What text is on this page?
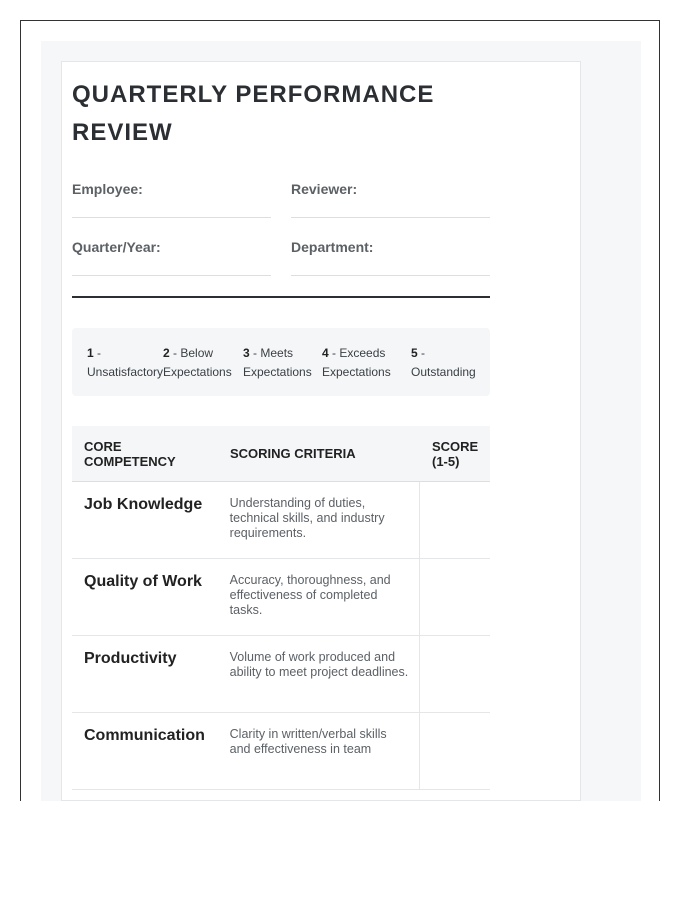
QUARTERLY PERFORMANCE
REVIEW
Employee:	Reviewer:
Quarter/Year:	Department:
1 -
Unsatisfactory
2 - Below
Expectations
3 - Meets
Expectations
4 - Exceeds
Expectations
5 -
Outstanding
CORE
COMPETENCY	SCORING CRITERIA	SCORE
(1-5)
Job Knowledge	Understanding of duties, technical skills, and industry requirements.
Quality of Work	Accuracy, thoroughness, and effectiveness of completed tasks.
Productivity	Volume of work produced and ability to meet project deadlines.
Communication	Clarity in written/verbal skills and effectiveness in team
